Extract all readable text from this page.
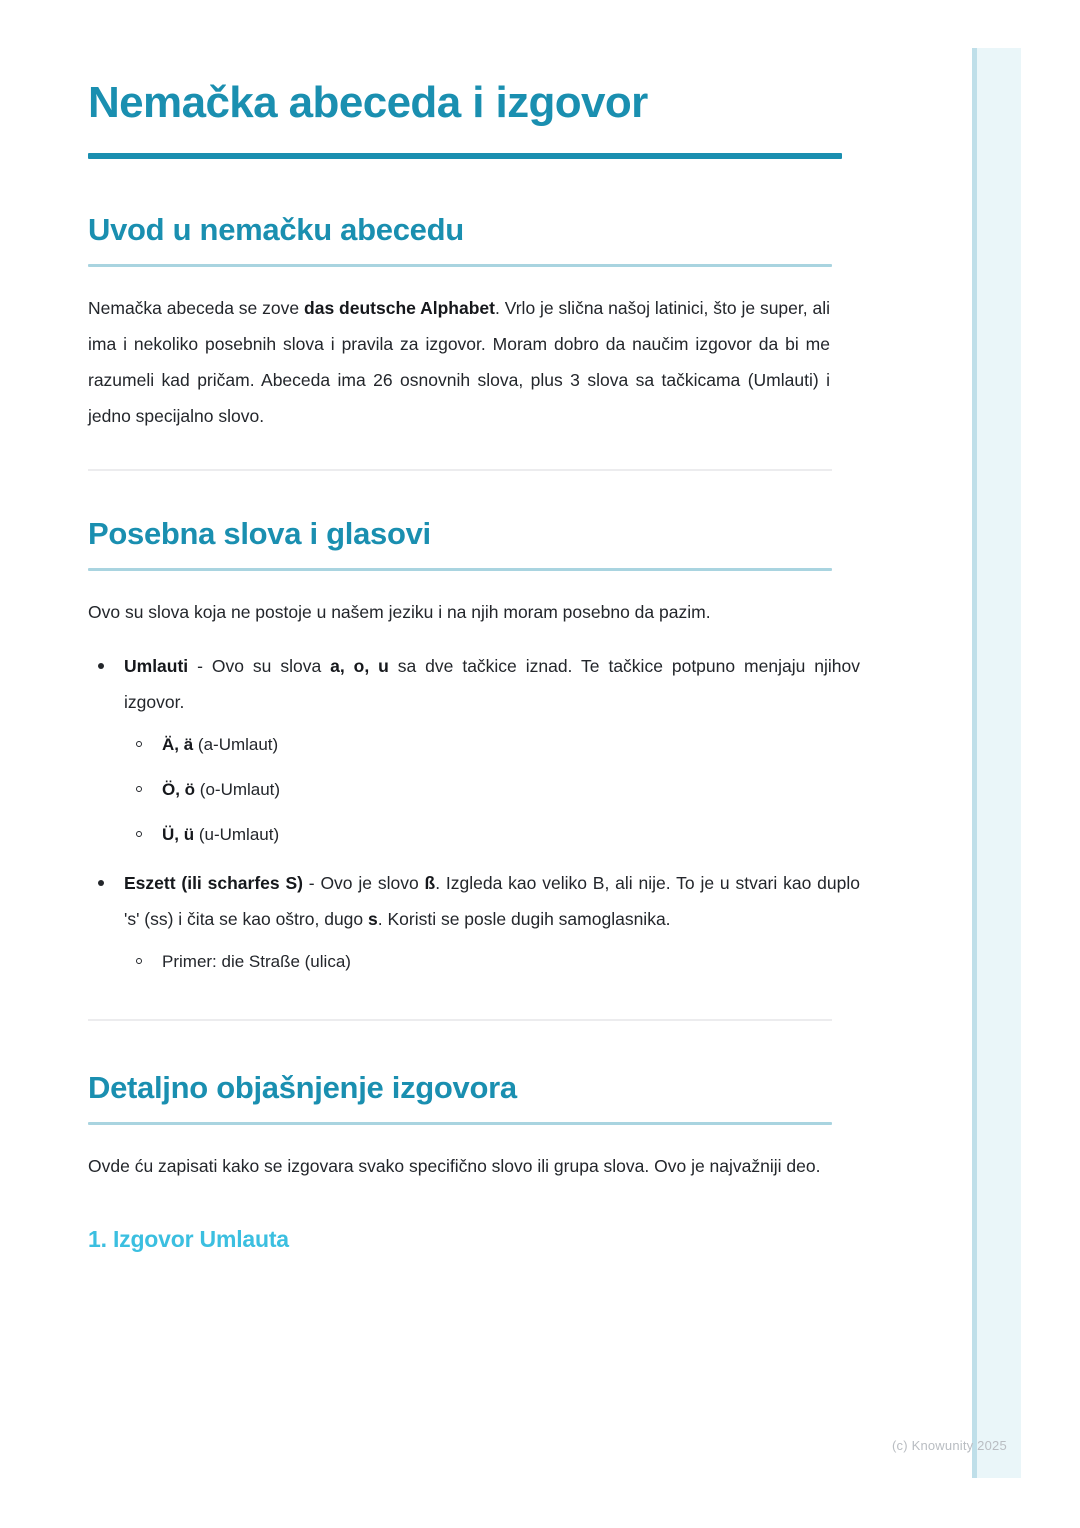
Nemačka abeceda i izgovor
Uvod u nemačku abecedu

Nemačka abeceda se zove das deutsche Alphabet. Vrlo je slična našoj latinici, što je super, ali ima i nekoliko posebnih slova i pravila za izgovor. Moram dobro da naučim izgovor da bi me razumeli kad pričam. Abeceda ima 26 osnovnih slova, plus 3 slova sa tačkicama (Umlauti) i jedno specijalno slovo.

Posebna slova i glasovi

Ovo su slova koja ne postoje u našem jeziku i na njih moram posebno da pazim.

Umlauti - Ovo su slova a, o, u sa dve tačkice iznad. Te tačkice potpuno menjaju njihov izgovor.
Ä, ä (a-Umlaut)
Ö, ö (o-Umlaut)
Ü, ü (u-Umlaut)
Eszett (ili scharfes S) - Ovo je slovo ß. Izgleda kao veliko B, ali nije. To je u stvari kao duplo 's' (ss) i čita se kao oštro, dugo s. Koristi se posle dugih samoglasnika.
Primer: die Straße (ulica)
Detaljno objašnjenje izgovora

Ovde ću zapisati kako se izgovara svako specifično slovo ili grupa slova. Ovo je najvažniji deo.

1. Izgovor Umlauta
(c) Knowunity 2025
